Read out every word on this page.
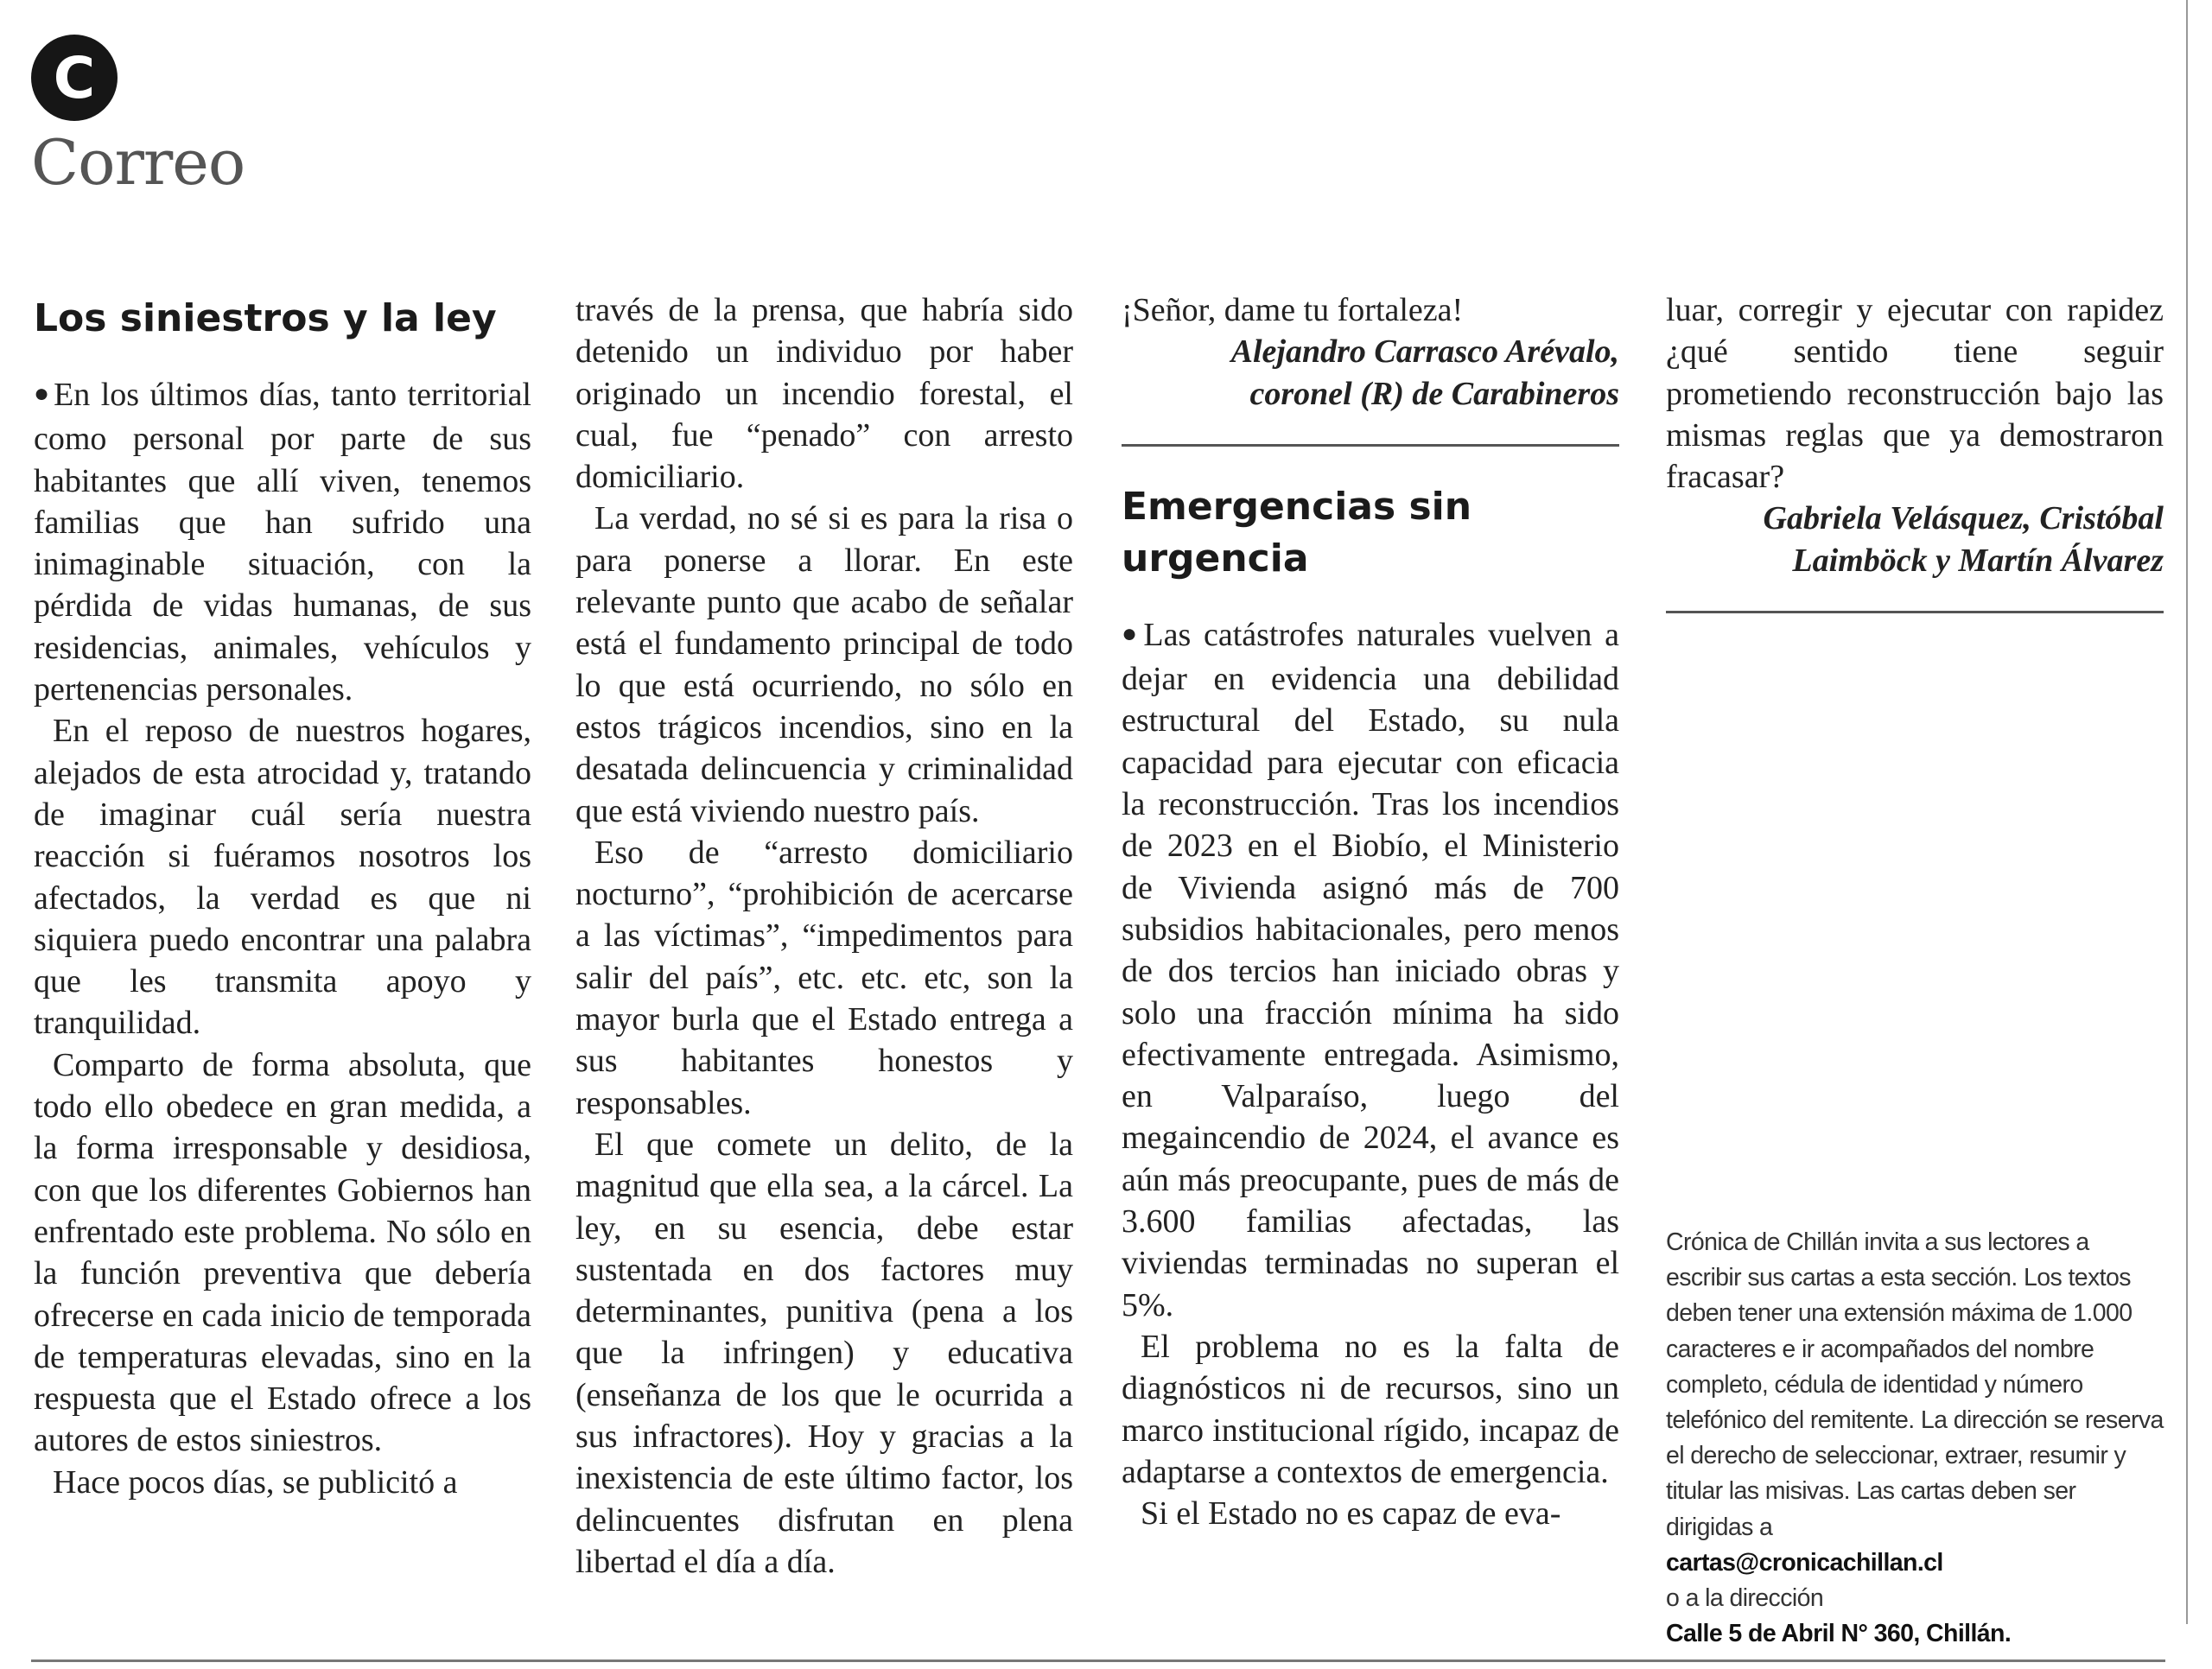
C
Correo
Los siniestros y la ley

●En los últimos días, tanto territorial como personal por parte de sus habitantes que allí viven, tenemos familias que han sufrido una inimaginable situación, con la pérdida de vidas humanas, de sus residencias, animales, vehículos y pertenencias personales.

En el reposo de nuestros hogares, alejados de esta atrocidad y, tratando de imaginar cuál sería nuestra reacción si fuéramos nosotros los afectados, la verdad es que ni siquiera puedo encontrar una palabra que les transmita apoyo y tranquilidad.

Comparto de forma absoluta, que todo ello obedece en gran medida, a la forma irresponsable y desidiosa, con que los diferentes Gobiernos han enfrentado este problema. No sólo en la función preventiva que debería ofrecerse en cada inicio de temporada de temperaturas elevadas, sino en la respuesta que el Estado ofrece a los autores de estos siniestros.

Hace pocos días, se publicitó a

través de la prensa, que habría sido detenido un individuo por haber originado un incendio forestal, el cual, fue “penado” con arresto domiciliario.

La verdad, no sé si es para la risa o para ponerse a llorar. En este relevante punto que acabo de señalar está el fundamento principal de todo lo que está ocurriendo, no sólo en estos trágicos incendios, sino en la desatada delincuencia y criminalidad que está viviendo nuestro país.

Eso de “arresto domiciliario nocturno”, “prohibición de acercarse a las víctimas”, “impedimentos para salir del país”, etc. etc. etc, son la mayor burla que el Estado entrega a sus habitantes honestos y responsables.

El que comete un delito, de la magnitud que ella sea, a la cárcel. La ley, en su esencia, debe estar sustentada en dos factores muy determinantes, punitiva (pena a los que la infringen) y educativa (enseñanza de los que le ocurrida a sus infractores). Hoy y gracias a la inexistencia de este último factor, los delincuentes disfrutan en plena libertad el día a día.

¡Señor, dame tu fortaleza!

Alejandro Carrasco Arévalo, coronel (R) de Carabineros

Emergencias sin urgencia

●Las catástrofes naturales vuelven a dejar en evidencia una debilidad estructural del Estado, su nula capacidad para ejecutar con eficacia la reconstrucción. Tras los incendios de 2023 en el Biobío, el Ministerio de Vivienda asignó más de 700 subsidios habitacionales, pero menos de dos tercios han iniciado obras y solo una fracción mínima ha sido efectivamente entregada. Asimismo, en Valparaíso, luego del megaincendio de 2024, el avance es aún más preocupante, pues de más de 3.600 familias afectadas, las viviendas terminadas no superan el 5%.

El problema no es la falta de diagnósticos ni de recursos, sino un marco institucional rígido, incapaz de adaptarse a contextos de emergencia.

Si el Estado no es capaz de eva-

luar, corregir y ejecutar con rapidez ¿qué sentido tiene seguir prometiendo reconstrucción bajo las mismas reglas que ya demostraron fracasar?

Gabriela Velásquez, Cristóbal Laimböck y Martín Álvarez

Crónica de Chillán invita a sus lectores a escribir sus cartas a esta sección. Los textos deben tener una extensión máxima de 1.000 caracteres e ir acompañados del nombre completo, cédula de identidad y número telefónico del remitente. La dirección se reserva el derecho de seleccionar, extraer, resumir y titular las misivas. Las cartas deben ser dirigidas a

cartas@cronicachillan.cl

o a la dirección

Calle 5 de Abril N° 360, Chillán.
